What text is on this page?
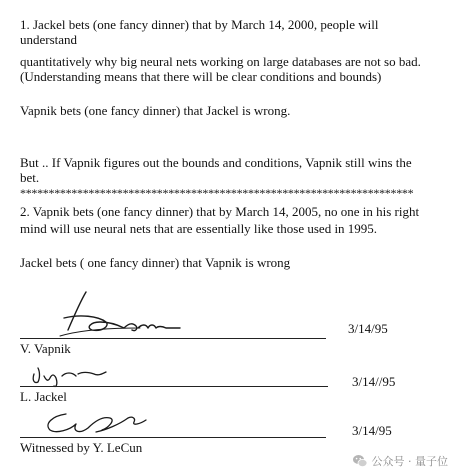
1. Jackel bets (one fancy dinner) that by March 14, 2000, people will
understand
quantitatively why big neural nets working on large databases are not so bad.
(Understanding means that there will be clear conditions and bounds)
Vapnik bets (one fancy dinner) that Jackel is wrong.
But .. If Vapnik figures out the bounds and conditions, Vapnik still wins the
bet.
*********************************************************************
2. Vapnik bets (one fancy dinner) that by March 14, 2005, no one in his right
mind will use neural nets that are essentially like those used in 1995.
Jackel bets ( one fancy dinner) that Vapnik is wrong
V. Vapnik
3/14/95
L. Jackel
3/14//95
Witnessed by Y. LeCun
3/14/95
公众号 · 量子位
